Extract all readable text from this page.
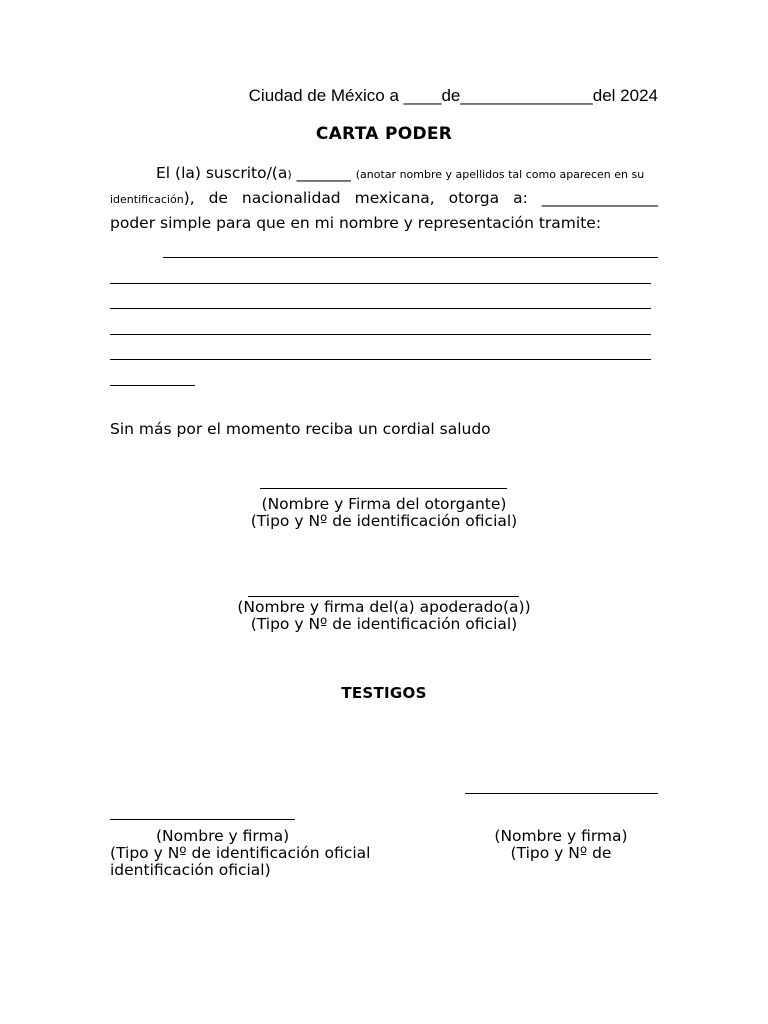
Ciudad de México a ____de______________del 2024
CARTA PODER
El (la) suscrito/(a) _______ (anotar nombre y apellidos tal como aparecen en su
identificación), de nacionalidad mexicana, otorga a: _______________
poder simple para que en mi nombre y representación tramite:
Sin más por el momento reciba un cordial saludo
(Nombre y Firma del otorgante)
(Tipo y Nº de identificación oficial)
(Nombre y firma del(a) apoderado(a))
(Tipo y Nº de identificación oficial)
TESTIGOS
(Nombre y firma)
(Tipo y Nº de identificación oficial
identificación oficial)
(Nombre y firma)
(Tipo y Nº de
